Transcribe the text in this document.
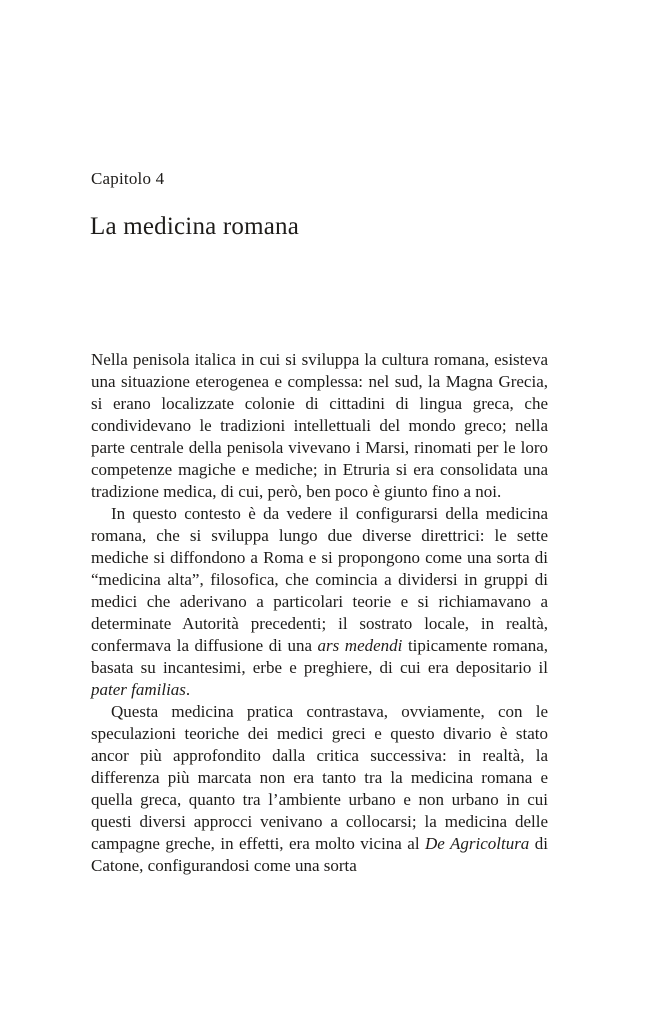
Capitolo 4
La medicina romana

Nella penisola italica in cui si sviluppa la cultura romana, esisteva una situazione eterogenea e complessa: nel sud, la Magna Grecia, si erano localizzate colonie di cittadini di lingua greca, che condividevano le tradizioni intellettuali del mondo greco; nella parte centrale della penisola vivevano i Marsi, rinomati per le loro competenze magiche e mediche; in Etruria si era consolidata una tradizione medica, di cui, però, ben poco è giunto fino a noi.

In questo contesto è da vedere il configurarsi della medicina romana, che si sviluppa lungo due diverse direttrici: le sette mediche si diffondono a Roma e si propongono come una sorta di “medicina alta”, filosofica, che comincia a dividersi in gruppi di medici che aderivano a particolari teorie e si richiamavano a determinate Autorità precedenti; il sostrato locale, in realtà, confermava la diffusione di una ars medendi tipicamente romana, basata su incantesimi, erbe e preghiere, di cui era depositario il pater familias.

Questa medicina pratica contrastava, ovviamente, con le speculazioni teoriche dei medici greci e questo divario è stato ancor più approfondito dalla critica successiva: in realtà, la differenza più marcata non era tanto tra la medicina romana e quella greca, quanto tra l’ambiente urbano e non urbano in cui questi diversi approcci venivano a collocarsi; la medicina delle campagne greche, in effetti, era molto vicina al De Agricoltura di Catone, configurandosi come una sorta
